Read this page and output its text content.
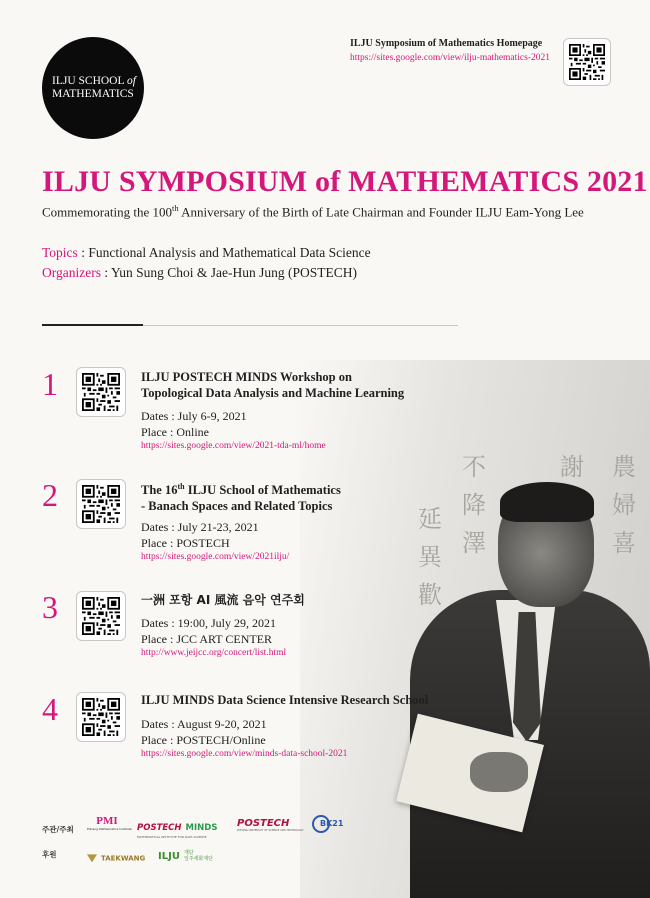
不
降
澤
延
異
歡
謝 農
婦
喜
ILJU SCHOOL of
MATHEMATICS
ILJU Symposium of Mathematics Homepage
https://sites.google.com/view/ilju-mathematics-2021
ILJU SYMPOSIUM of MATHEMATICS 2021
Commemorating the 100th Anniversary of the Birth of Late Chairman and Founder ILJU Eam-Yong Lee
Topics : Functional Analysis and Mathematical Data Science
Organizers : Yun Sung Choi & Jae-Hun Jung (POSTECH)
1	ILJU POSTECH MINDS Workshop on
Topological Data Analysis and Machine Learning
Dates : July 6-9, 2021
Place : Online
https://sites.google.com/view/2021-tda-ml/home
2	The 16th ILJU School of Mathematics
- Banach Spaces and Related Topics
Dates : July 21-23, 2021
Place : POSTECH
https://sites.google.com/view/2021ilju/
3	一洲 포항 AI 風流 음악 연주회
Dates : 19:00, July 29, 2021
Place : JCC ART CENTER
http://www.jeijcc.org/concert/list.html
4	ILJU MINDS Data Science Intensive Research School
Dates : August 9-20, 2021
Place : POSTECH/Online
https://sites.google.com/view/minds-data-school-2021
주관/주최
후원
PMI
Pohang Mathematics Institute POSTECH MINDS
MATHEMATICAL INSTITUTE FOR DATA SCIENCE
POSTECH
POHANG UNIVERSITY OF SCIENCE AND TECHNOLOGY
BK21
TAEKWANG ILJU 재단
일주세화재단
